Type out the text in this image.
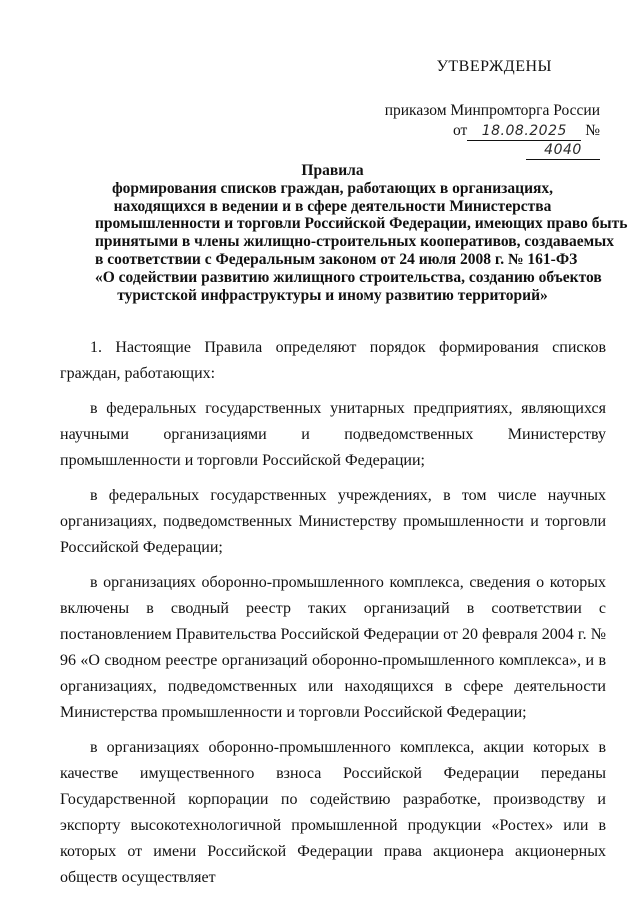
УТВЕРЖДЕНЫ
приказом Минпромторга России
от 18.08.2025 № 4040
Правила
формирования списков граждан, работающих в организациях,
находящихся в ведении и в сфере деятельности Министерства
промышленности и торговли Российской Федерации, имеющих право быть
принятыми в члены жилищно-строительных кооперативов, создаваемых
в соответствии с Федеральным законом от 24 июля 2008 г. № 161-ФЗ
«О содействии развитию жилищного строительства, созданию объектов
туристской инфраструктуры и иному развитию территорий»

1. Настоящие Правила определяют порядок формирования списков граждан, работающих:

в федеральных государственных унитарных предприятиях, являющихся научными организациями и подведомственных Министерству промышленности и торговли Российской Федерации;

в федеральных государственных учреждениях, в том числе научных организациях, подведомственных Министерству промышленности и торговли Российской Федерации;

в организациях оборонно-промышленного комплекса, сведения о которых включены в сводный реестр таких организаций в соответствии с постановлением Правительства Российской Федерации от 20 февраля 2004 г. № 96 «О сводном реестре организаций оборонно-промышленного комплекса», и в организациях, подведомственных или находящихся в сфере деятельности Министерства промышленности и торговли Российской Федерации;

в организациях оборонно-промышленного комплекса, акции которых в качестве имущественного взноса Российской Федерации переданы Государственной корпорации по содействию разработке, производству и экспорту высокотехнологичной промышленной продукции «Ростех» или в которых от имени Российской Федерации права акционера акционерных обществ осуществляет
